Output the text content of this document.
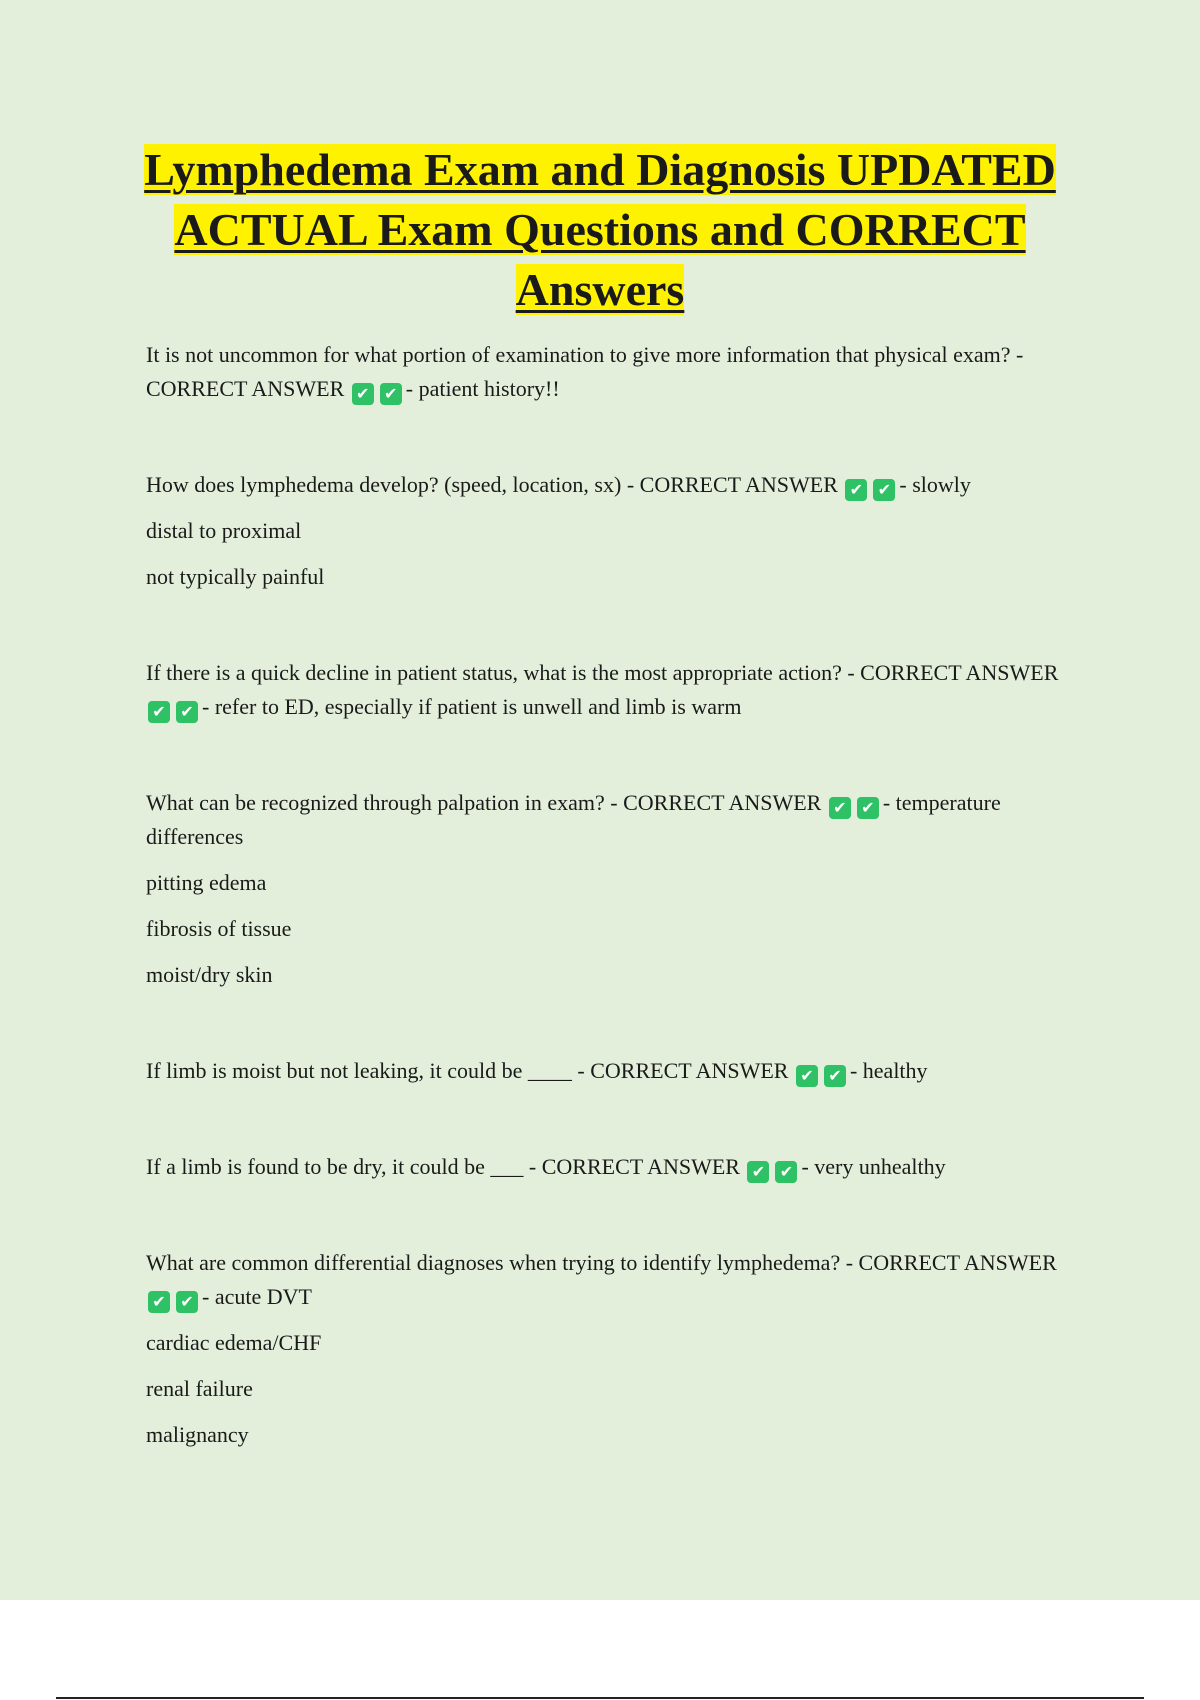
Lymphedema Exam and Diagnosis UPDATED ACTUAL Exam Questions and CORRECT Answers

It is not uncommon for what portion of examination to give more information that physical exam? - CORRECT ANSWER ✔ ✔ - patient history!!

How does lymphedema develop? (speed, location, sx) - CORRECT ANSWER ✔ ✔ - slowly

distal to proximal

not typically painful

If there is a quick decline in patient status, what is the most appropriate action? - CORRECT ANSWER ✔ ✔ - refer to ED, especially if patient is unwell and limb is warm

What can be recognized through palpation in exam? - CORRECT ANSWER ✔ ✔ - temperature differences

pitting edema

fibrosis of tissue

moist/dry skin

If limb is moist but not leaking, it could be ____ - CORRECT ANSWER ✔ ✔ - healthy

If a limb is found to be dry, it could be ___ - CORRECT ANSWER ✔ ✔ - very unhealthy

What are common differential diagnoses when trying to identify lymphedema? - CORRECT ANSWER ✔ ✔ - acute DVT

cardiac edema/CHF

renal failure

malignancy
